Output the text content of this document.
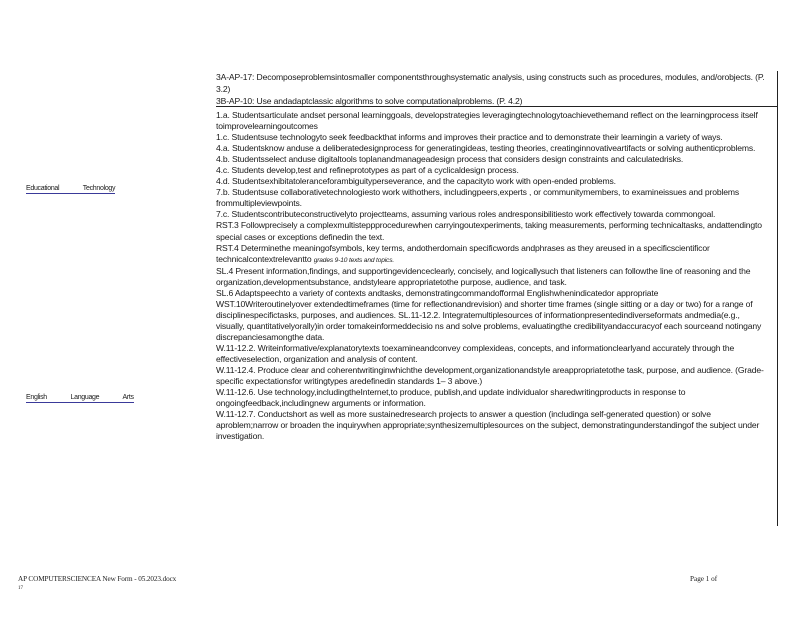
3A-AP-17: Decomposeproblemsintosmaller componentsthroughsystematic analysis, using constructs such as procedures, modules, and/orobjects. (P. 3.2)

3B-AP-10: Use andadaptclassic algorithms to solve computationalproblems. (P. 4.2)

Educational Technology
English Language Arts

1.a. Studentsarticulate andset personal learninggoals, developstrategies leveragingtechnologytoachievethemand reflect on the learningprocess itself toimprovelearningoutcomes

1.c. Studentsuse technologyto seek feedbackthat informs and improves their practice and to demonstrate their learningin a variety of ways.

4.a. Studentsknow anduse a deliberatedesignprocess for generatingideas, testing theories, creatinginnovativeartifacts or solving authenticproblems.

4.b. Studentsselect anduse digitaltools toplanandmanageadesign process that considers design constraints and calculatedrisks.

4.c. Students develop,test and refineprototypes as part of a cyclicaldesign process.

4.d. Studentsexhibitatoleranceforambiguityperseverance, and the capacityto work with open-ended problems.

7.b. Studentsuse collaborativetechnologiesto work withothers, includingpeers,experts , or communitymembers, to examineissues and problems frommultipleviewpoints.

7.c. Studentscontributeconstructivelyto projectteams, assuming various roles andresponsibilitiesto work effectively towarda commongoal.

RST.3 Followprecisely a complexmultisteppprocedurewhen carryingoutexperiments, taking measurements, performing technicaltasks, andattendingto special cases or exceptions definedin the text.

RST.4 Determinethe meaningofsymbols, key terms, andotherdomain specificwords andphrases as they areused in a specificscientificor technicalcontextrelevantto grades 9-10 texts and topics.

SL.4 Present information,findings, and supportingevidenceclearly, concisely, and logicallysuch that listeners can followthe line of reasoning and the organization,developmentsubstance, andstyleare appropriatetothe purpose, audience, and task.

SL.6 Adaptspeechto a variety of contexts andtasks, demonstratingcommandofformal Englishwhenindicatedor appropriate

WST.10Writeroutinelyover extendedtimeframes (time for reflectionandrevision) and shorter time frames (single sitting or a day or two) for a range of disciplinespecifictasks, purposes, and audiences. SL.11-12.2. Integratemultiplesources of informationpresentedindiverseformats andmedia(e.g., visually, quantitativelyorally)in order tomakeinformeddecisio ns and solve problems, evaluatingthe credibilityandaccuracyof each sourceand notingany discrepanciesamongthe data.

W.11-12.2. Writeinformative/explanatorytexts toexamineandconvey complexideas, concepts, and informationclearlyand accurately through the effectiveselection, organization and analysis of content.

W.11-12.4. Produce clear and coherentwritinginwhichthe development,organizationandstyle areappropriatetothe task, purpose, and audience. (Grade-specific expectationsfor writingtypes aredefinedin standards 1– 3 above.)

W.11-12.6. Use technology,includingtheInternet,to produce, publish,and update individualor sharedwritingproducts in response to ongoingfeedback,includingnew arguments or information.

W.11-12.7. Conductshort as well as more sustainedresearch projects to answer a question (includinga self-generated question) or solve aproblem;narrow or broaden the inquirywhen appropriate;synthesizemultiplesources on the subject, demonstratingunderstandingof the subject under investigation.

AP COMPUTERSCIENCEA New Form - 05.2023.docx
17
Page 1 of
